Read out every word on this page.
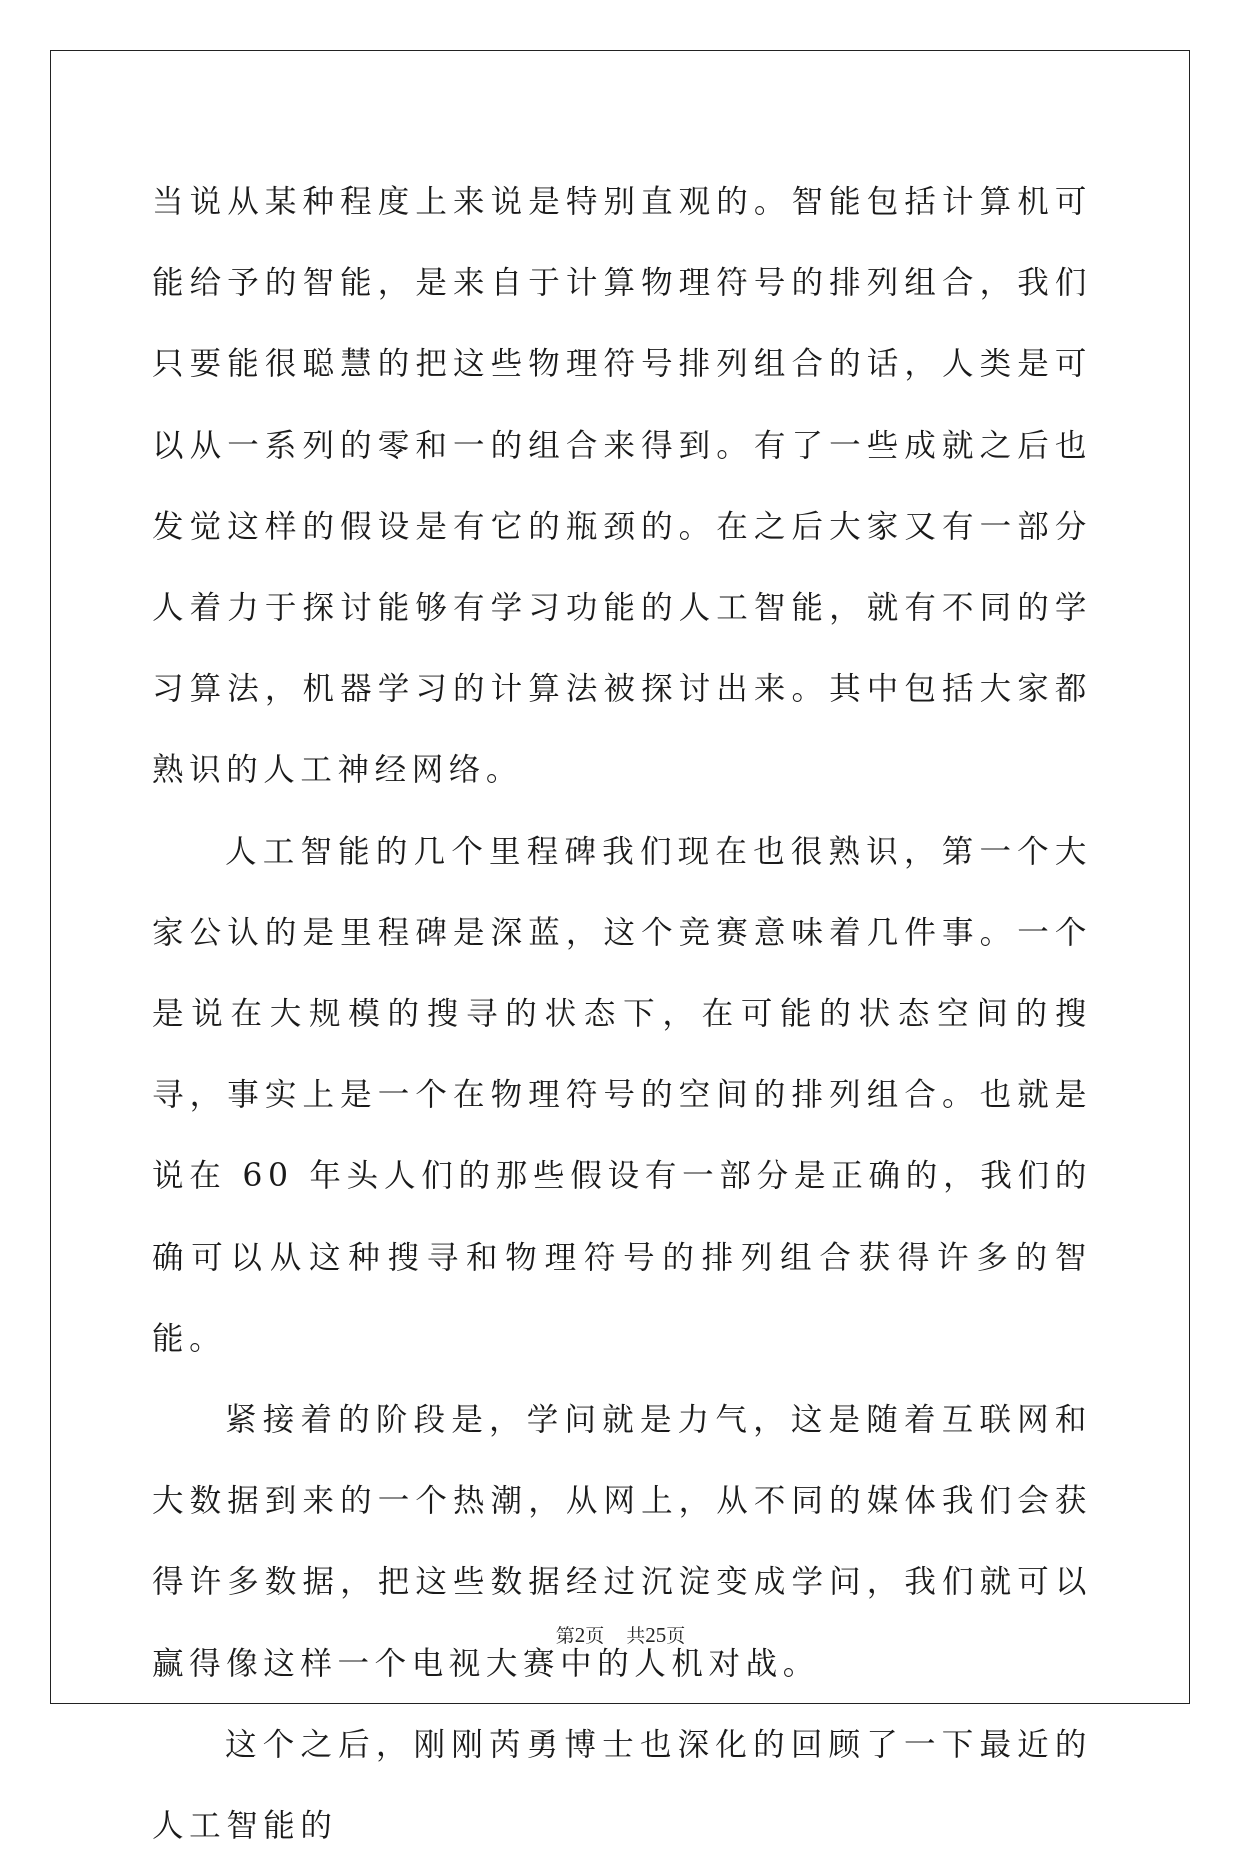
当说从某种程度上来说是特别直观的。智能包括计算机可能给予的智能，是来自于计算物理符号的排列组合，我们只要能很聪慧的把这些物理符号排列组合的话，人类是可以从一系列的零和一的组合来得到。有了一些成就之后也发觉这样的假设是有它的瓶颈的。在之后大家又有一部分人着力于探讨能够有学习功能的人工智能，就有不同的学习算法，机器学习的计算法被探讨出来。其中包括大家都熟识的人工神经网络。

人工智能的几个里程碑我们现在也很熟识，第一个大家公认的是里程碑是深蓝，这个竞赛意味着几件事。一个是说在大规模的搜寻的状态下，在可能的状态空间的搜寻，事实上是一个在物理符号的空间的排列组合。也就是说在 60 年头人们的那些假设有一部分是正确的，我们的确可以从这种搜寻和物理符号的排列组合获得许多的智能。

紧接着的阶段是，学问就是力气，这是随着互联网和大数据到来的一个热潮，从网上，从不同的媒体我们会获得许多数据，把这些数据经过沉淀变成学问，我们就可以赢得像这样一个电视大赛中的人机对战。

这个之后，刚刚芮勇博士也深化的回顾了一下最近的人工智能的

第2页 共25页
